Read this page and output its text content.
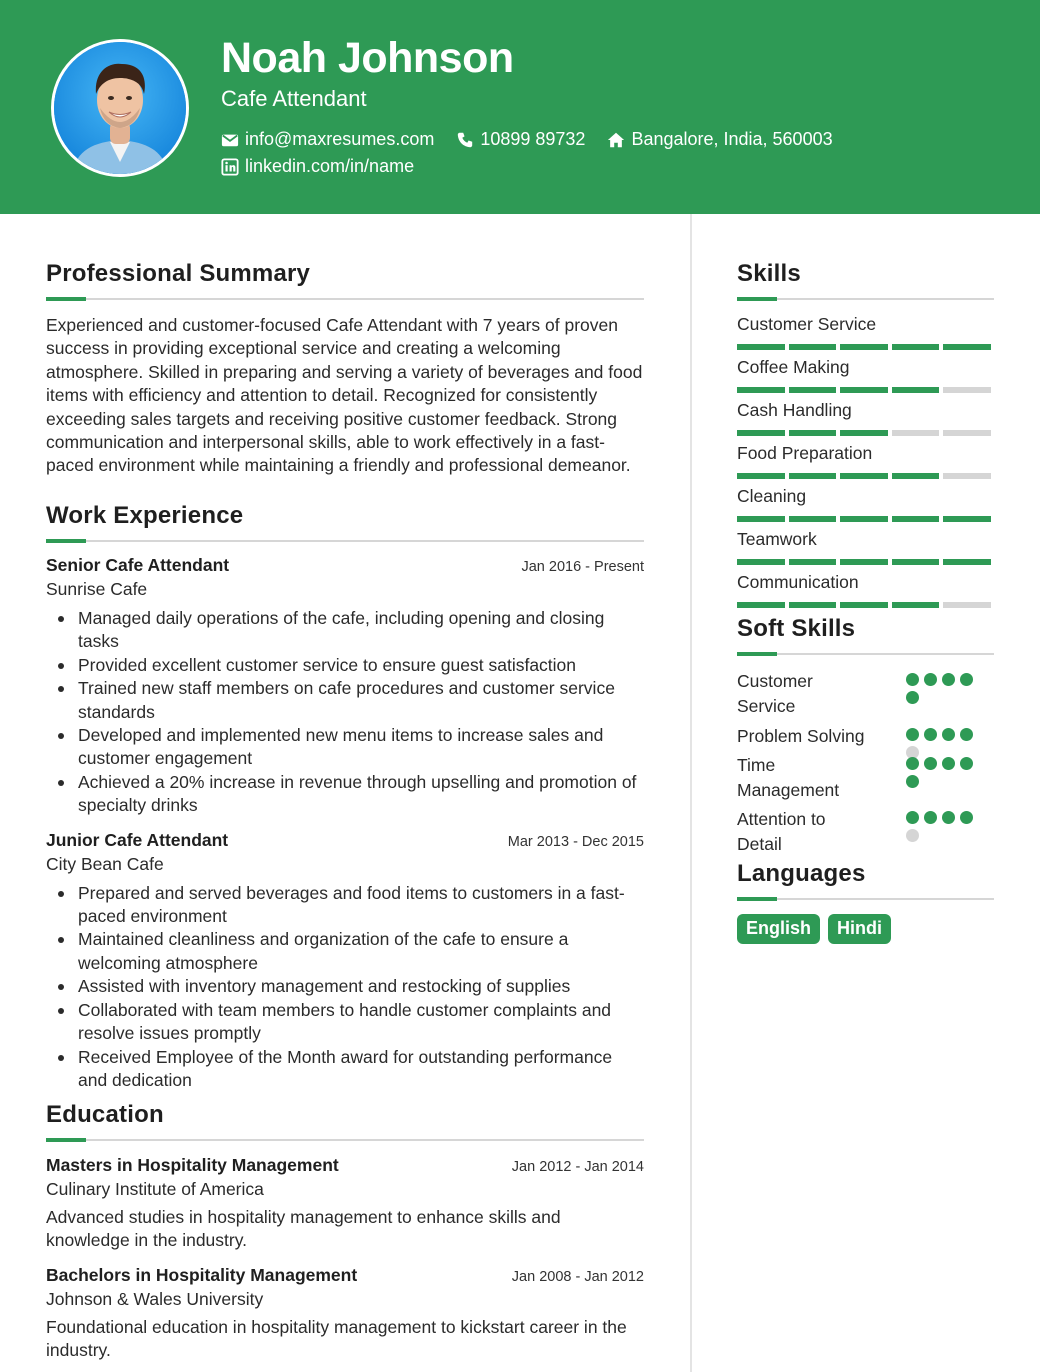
Noah Johnson
Cafe Attendant
info@maxresumes.com	10899 89732	Bangalore, India, 560003
linkedin.com/in/name
Professional Summary

Experienced and customer-focused Cafe Attendant with 7 years of proven success in providing exceptional service and creating a welcoming atmosphere. Skilled in preparing and serving a variety of beverages and food items with efficiency and attention to detail. Recognized for consistently exceeding sales targets and receiving positive customer feedback. Strong communication and interpersonal skills, able to work effectively in a fast-paced environment while maintaining a friendly and professional demeanor.

Work Experience
Senior Cafe Attendant	Jan 2016 - Present
Sunrise Cafe
Managed daily operations of the cafe, including opening and closing tasks
Provided excellent customer service to ensure guest satisfaction
Trained new staff members on cafe procedures and customer service standards
Developed and implemented new menu items to increase sales and customer engagement
Achieved a 20% increase in revenue through upselling and promotion of specialty drinks
Junior Cafe Attendant	Mar 2013 - Dec 2015
City Bean Cafe
Prepared and served beverages and food items to customers in a fast-paced environment
Maintained cleanliness and organization of the cafe to ensure a welcoming atmosphere
Assisted with inventory management and restocking of supplies
Collaborated with team members to handle customer complaints and resolve issues promptly
Received Employee of the Month award for outstanding performance and dedication
Education
Masters in Hospitality Management	Jan 2012 - Jan 2014
Culinary Institute of America

Advanced studies in hospitality management to enhance skills and knowledge in the industry.

Bachelors in Hospitality Management	Jan 2008 - Jan 2012
Johnson & Wales University

Foundational education in hospitality management to kickstart career in the industry.

Skills
Customer Service
Coffee Making
Cash Handling
Food Preparation
Cleaning
Teamwork
Communication
Soft Skills
Customer Service
Problem Solving
Time Management
Attention to Detail
Languages
English	Hindi
